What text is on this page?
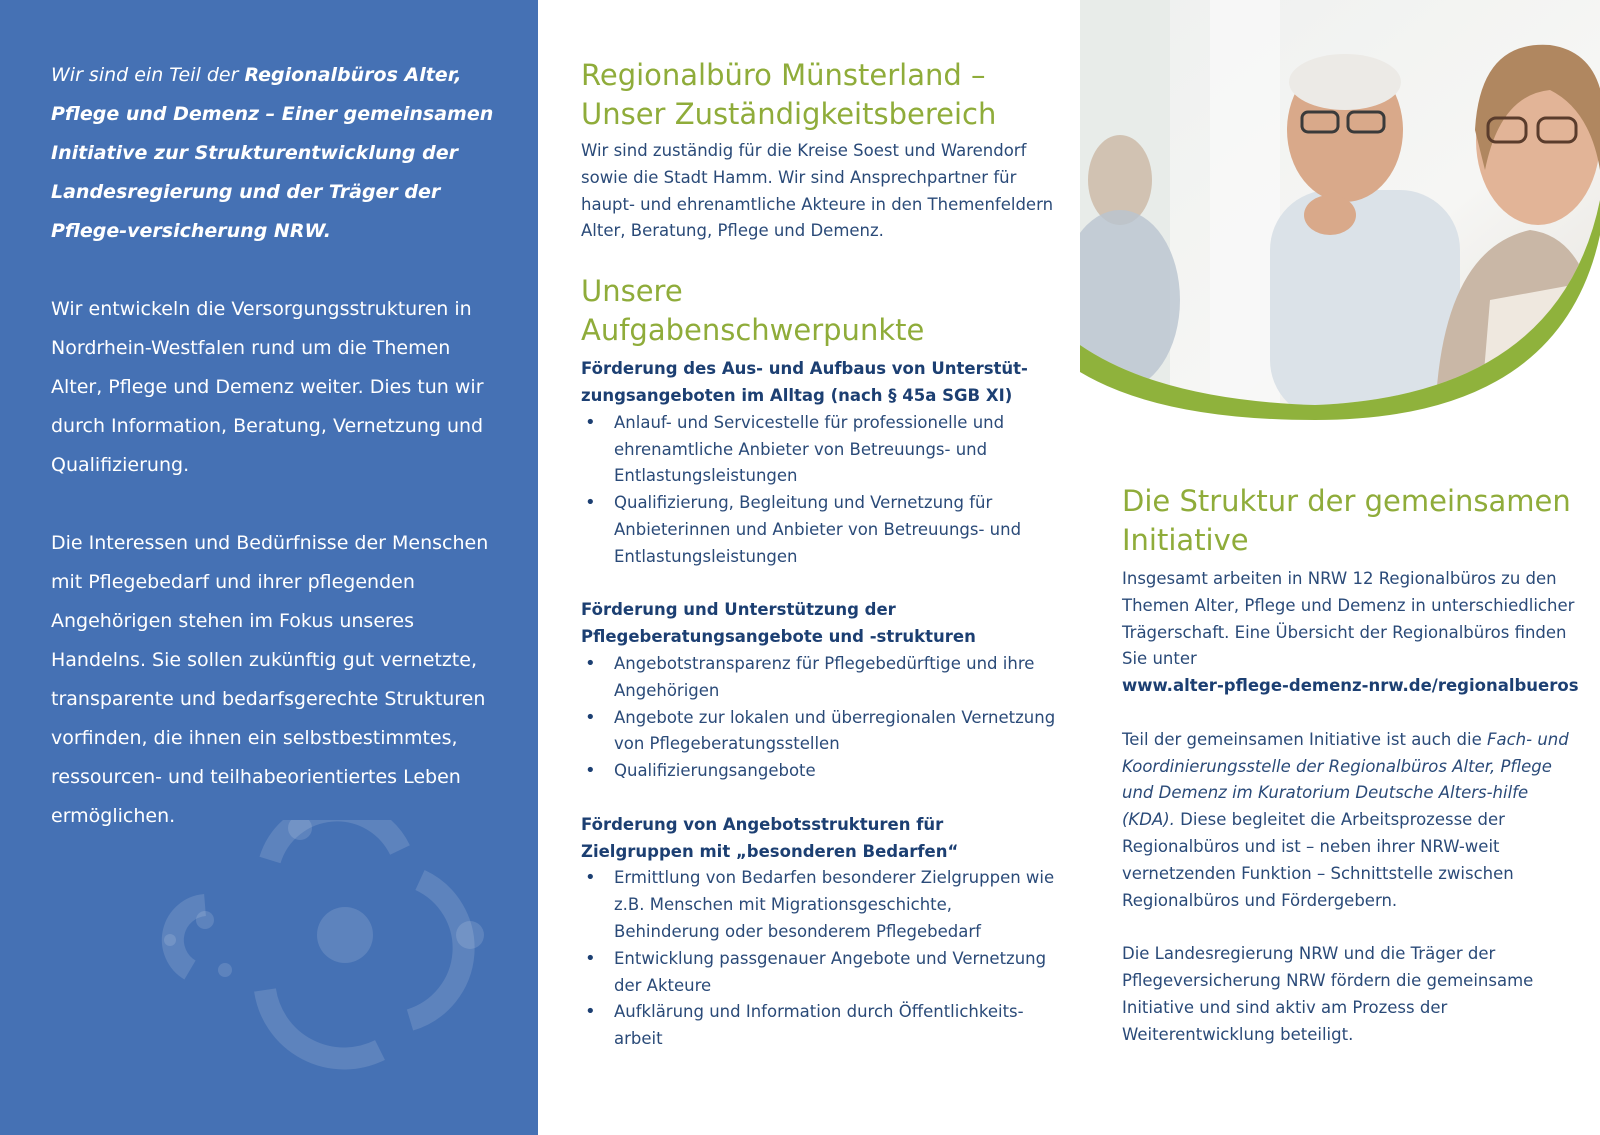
Wir sind ein Teil der Regionalbüros Alter, Pflege und Demenz – Einer gemeinsamen Initiative zur Strukturentwicklung der Landesregierung und der Träger der Pflege-versicherung NRW.

Wir entwickeln die Versorgungsstrukturen in Nordrhein-Westfalen rund um die Themen Alter, Pflege und Demenz weiter. Dies tun wir durch Information, Beratung, Vernetzung und Qualifizierung.

Die Interessen und Bedürfnisse der Menschen mit Pflegebedarf und ihrer pflegenden Angehörigen stehen im Fokus unseres Handelns. Sie sollen zukünftig gut vernetzte, transparente und bedarfsgerechte Strukturen vorfinden, die ihnen ein selbstbestimmtes, ressourcen- und teilhabeorientiertes Leben ermöglichen.

Regionalbüro Münsterland –
Unser Zuständigkeitsbereich

Wir sind zuständig für die Kreise Soest und Warendorf sowie die Stadt Hamm. Wir sind Ansprechpartner für haupt- und ehrenamtliche Akteure in den Themenfeldern Alter, Beratung, Pflege und Demenz.

Unsere
Aufgabenschwerpunkte

Förderung des Aus- und Aufbaus von Unterstüt-zungsangeboten im Alltag (nach § 45a SGB XI)

• Anlauf- und Servicestelle für professionelle und ehrenamtliche Anbieter von Betreuungs- und Entlastungsleistungen
• Qualifizierung, Begleitung und Vernetzung für Anbieterinnen und Anbieter von Betreuungs- und Entlastungsleistungen

Förderung und Unterstützung der Pflegeberatungsangebote und -strukturen

• Angebotstransparenz für Pflegebedürftige und ihre Angehörigen
• Angebote zur lokalen und überregionalen Vernetzung von Pflegeberatungsstellen
• Qualifizierungsangebote

Förderung von Angebotsstrukturen für Zielgruppen mit „besonderen Bedarfen“

• Ermittlung von Bedarfen besonderer Zielgruppen wie z.B. Menschen mit Migrationsgeschichte, Behinderung oder besonderem Pflegebedarf
• Entwicklung passgenauer Angebote und Vernetzung der Akteure
• Aufklärung und Information durch Öffentlichkeits-arbeit
Die Struktur der gemeinsamen
Initiative

Insgesamt arbeiten in NRW 12 Regionalbüros zu den Themen Alter, Pflege und Demenz in unterschiedlicher Trägerschaft. Eine Übersicht der Regionalbüros finden Sie unter
www.alter-pflege-demenz-nrw.de/regionalbueros

Teil der gemeinsamen Initiative ist auch die Fach- und Koordinierungsstelle der Regionalbüros Alter, Pflege und Demenz im Kuratorium Deutsche Alters-hilfe (KDA). Diese begleitet die Arbeitsprozesse der Regionalbüros und ist – neben ihrer NRW-weit vernetzenden Funktion – Schnittstelle zwischen Regionalbüros und Fördergebern.

Die Landesregierung NRW und die Träger der Pflegeversicherung NRW fördern die gemeinsame Initiative und sind aktiv am Prozess der Weiterentwicklung beteiligt.
